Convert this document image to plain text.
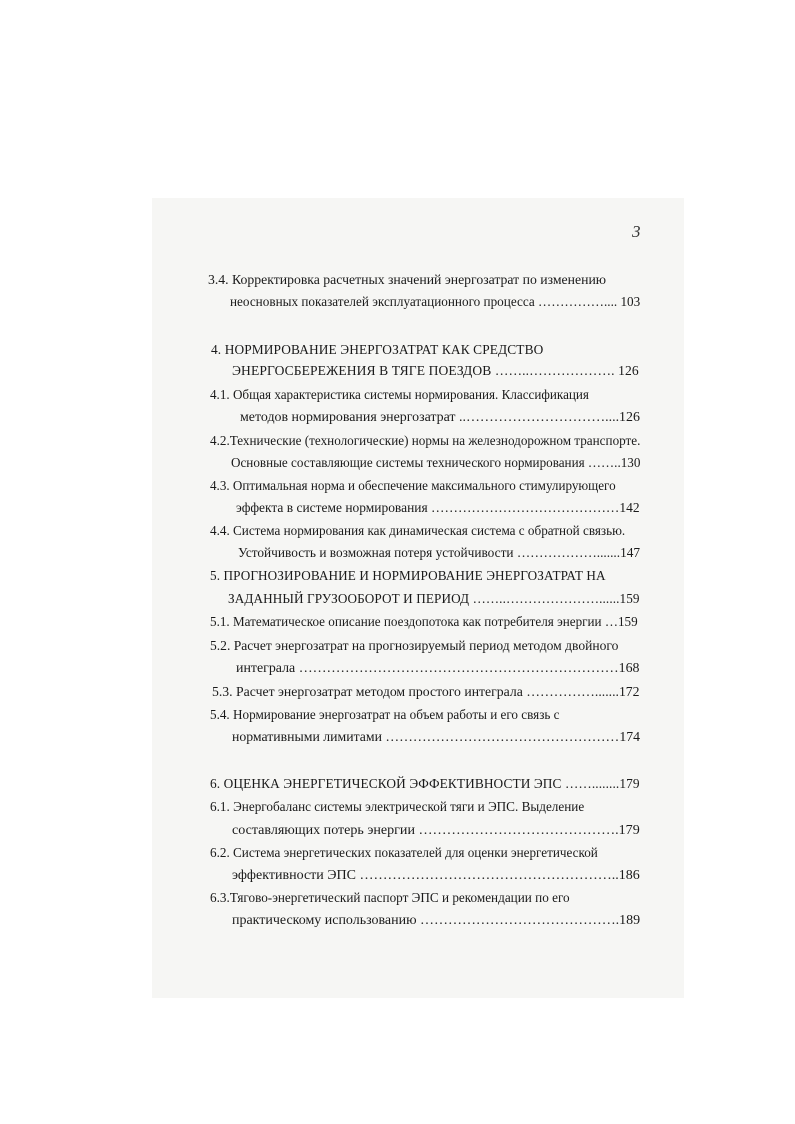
3
3.4. Корректировка расчетных значений энергозатрат по изменению
неосновных показателей эксплуатационного процесса …………….... 103
4. НОРМИРОВАНИЕ ЭНЕРГОЗАТРАТ КАК СРЕДСТВО
ЭНЕРГОСБЕРЕЖЕНИЯ В ТЯГЕ ПОЕЗДОВ ……..………………. 126
4.1. Общая характеристика системы нормирования. Классификация
методов нормирования энергозатрат ..…………………………....126
4.2.Технические (технологические) нормы на железнодорожном транспорте.
Основные составляющие системы технического нормирования ……..130
4.3. Оптимальная норма и обеспечение максимального стимулирующего
эффекта в системе нормирования ……………………………………142
4.4. Система нормирования как динамическая система с обратной связью.
Устойчивость и возможная потеря устойчивости ……………….......147
5. ПРОГНОЗИРОВАНИЕ И НОРМИРОВАНИЕ ЭНЕРГОЗАТРАТ НА
ЗАДАННЫЙ ГРУЗООБОРОТ И ПЕРИОД ……..…………………......159
5.1. Математическое описание поездопотока как потребителя энергии …159
5.2. Расчет энергозатрат на прогнозируемый период методом двойного
интеграла ……………………………………………………………168
5.3. Расчет энергозатрат методом простого интеграла …………….......172
5.4. Нормирование энергозатрат на объем работы и его связь с
нормативными лимитами ……………………………………………174
6. ОЦЕНКА ЭНЕРГЕТИЧЕСКОЙ ЭФФЕКТИВНОСТИ ЭПС ……........179
6.1. Энергобаланс системы электрической тяги и ЭПС. Выделение
составляющих потерь энергии …………………………………….179
6.2. Система энергетических показателей для оценки энергетической
эффективности ЭПС ………………………………………………..186
6.3.Тягово-энергетический паспорт ЭПС и рекомендации по его
практическому использованию …………………………………….189
